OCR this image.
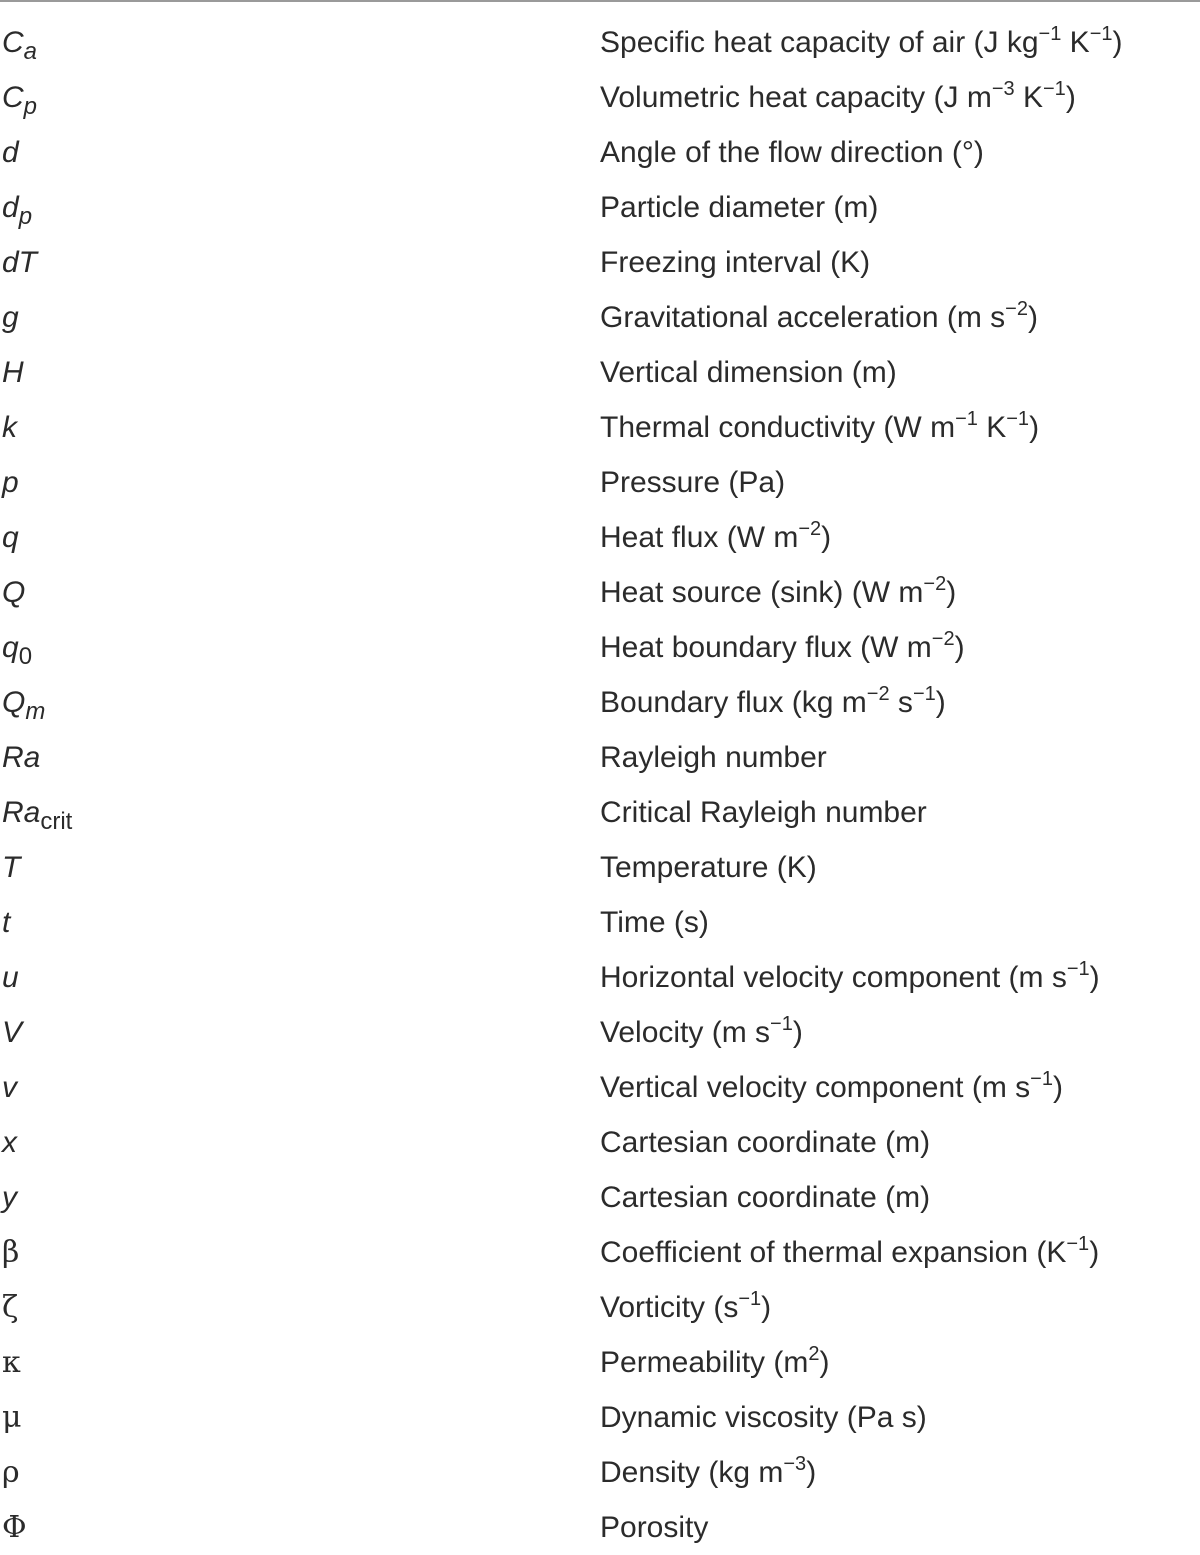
$C_a$	Specific heat capacity of air (J $kg^{-1}$ $K^{-1}$)
$C_p$	Volumetric heat capacity (J $m^{-3}$ $K^{-1}$)
d	Angle of the flow direction (°)
$d_p$	Particle diameter (m)
dT	Freezing interval (K)
g	Gravitational acceleration (m $s^{-2}$)
H	Vertical dimension (m)
k	Thermal conductivity (W $m^{-1}$ $K^{-1}$)
p	Pressure (Pa)
q	Heat flux (W $m^{-2}$)
Q	Heat source (sink) (W $m^{-2}$)
$q_0$	Heat boundary flux (W $m^{-2}$)
$Q_m$	Boundary flux (kg $m^{-2}$ $s^{-1}$)
Ra	Rayleigh number
$Ra_{crit}$	Critical Rayleigh number
T	Temperature (K)
t	Time (s)
u	Horizontal velocity component (m $s^{-1}$)
V	Velocity (m $s^{-1}$)
v	Vertical velocity component (m $s^{-1}$)
x	Cartesian coordinate (m)
y	Cartesian coordinate (m)
β	Coefficient of thermal expansion $(K^{-1})$
ζ	Vorticity $(s^{-1})$
κ	Permeability $(m^2)$
μ	Dynamic viscosity (Pa s)
ρ	Density (kg $m^{-3}$)
Φ	Porosity
